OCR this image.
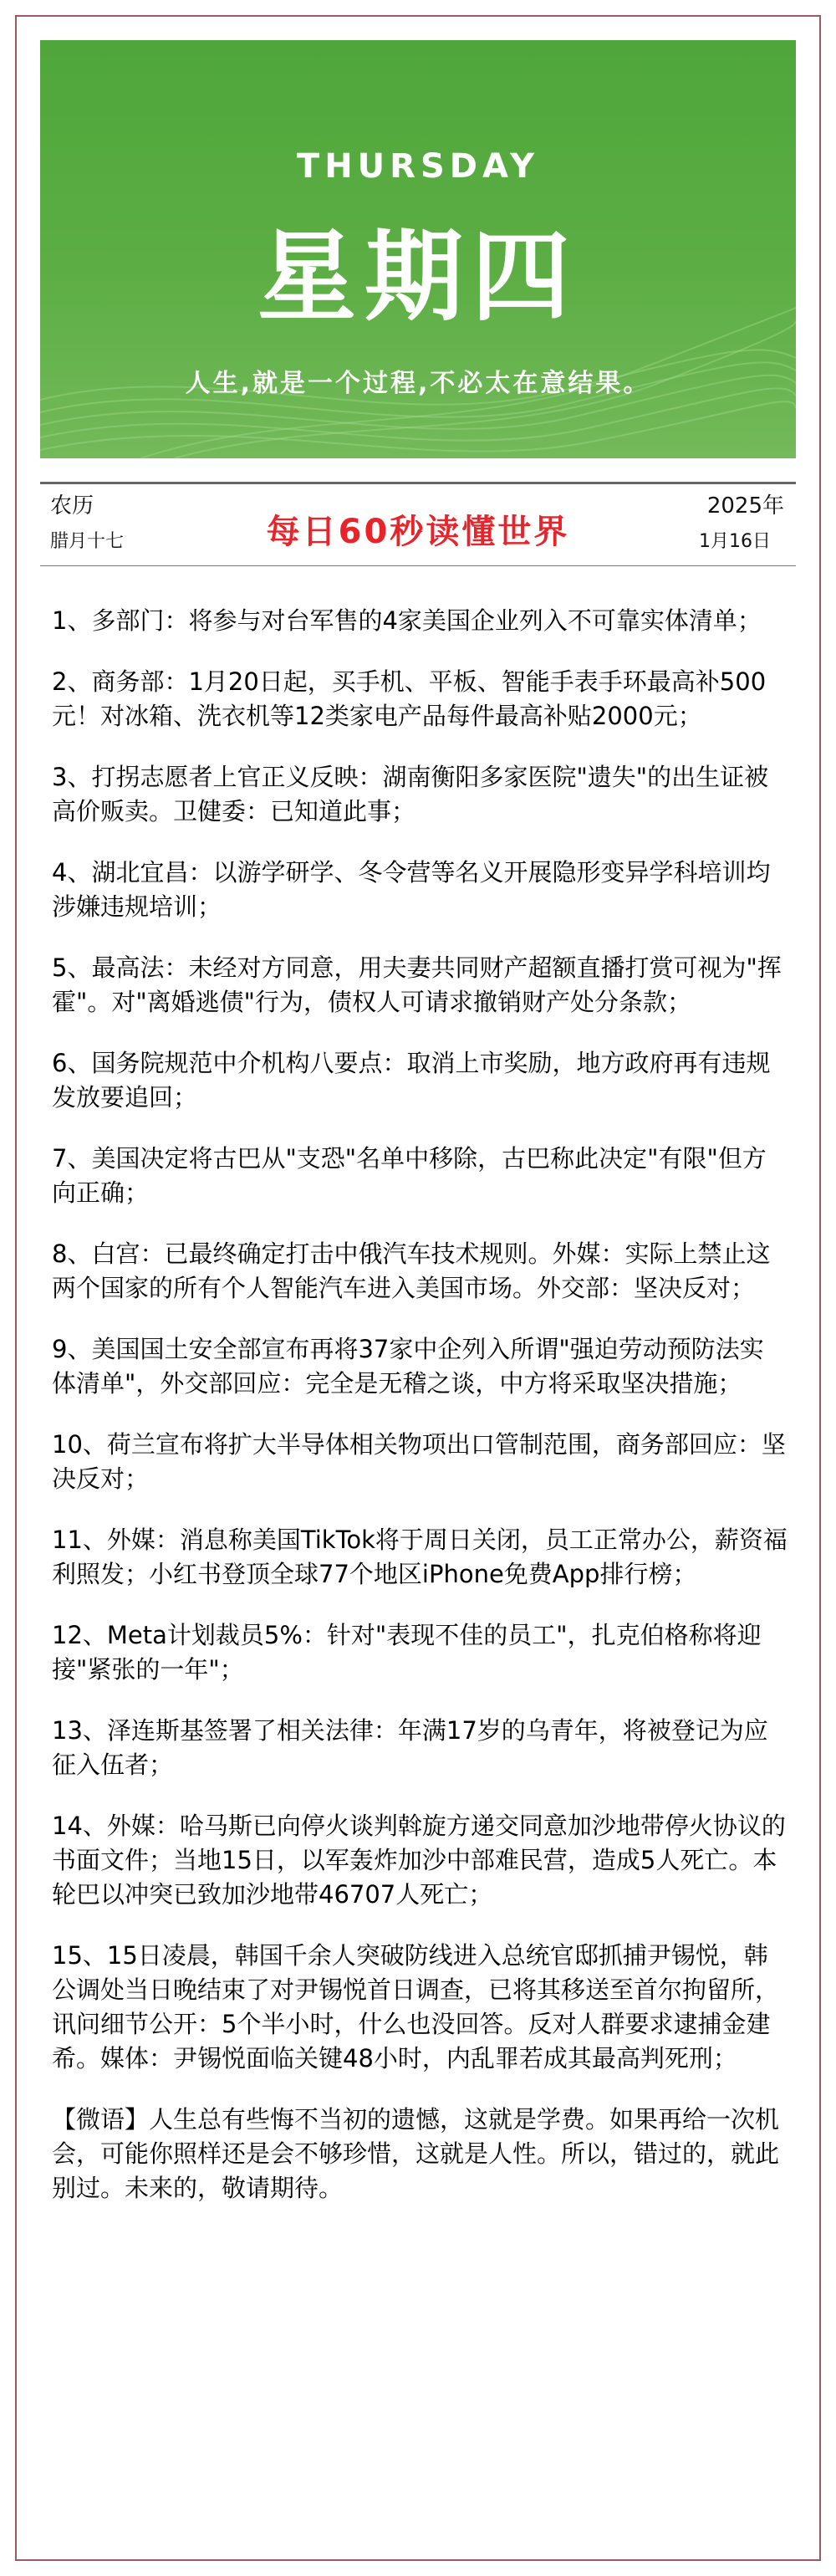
THURSDAY
星期四
人生,就是一个过程,不必太在意结果。
农历
腊月十七	每日60秒读懂世界
2025年
1月16日
1、多部门：将参与对台军售的4家美国企业列入不可靠实体清单；
2、商务部：1月20日起，买手机、平板、智能手表手环最高补500元！对冰箱、洗衣机等12类家电产品每件最高补贴2000元；
3、打拐志愿者上官正义反映：湖南衡阳多家医院"遗失"的出生证被高价贩卖。卫健委：已知道此事；
4、湖北宜昌：以游学研学、冬令营等名义开展隐形变异学科培训均涉嫌违规培训；
5、最高法：未经对方同意，用夫妻共同财产超额直播打赏可视为"挥霍"。对"离婚逃债"行为，债权人可请求撤销财产处分条款；
6、国务院规范中介机构八要点：取消上市奖励，地方政府再有违规发放要追回；
7、美国决定将古巴从"支恐"名单中移除，古巴称此决定"有限"但方向正确；
8、白宫：已最终确定打击中俄汽车技术规则。外媒：实际上禁止这两个国家的所有个人智能汽车进入美国市场。外交部：坚决反对；
9、美国国土安全部宣布再将37家中企列入所谓"强迫劳动预防法实体清单"，外交部回应：完全是无稽之谈，中方将采取坚决措施；
10、荷兰宣布将扩大半导体相关物项出口管制范围，商务部回应：坚决反对；
11、外媒：消息称美国TikTok将于周日关闭，员工正常办公，薪资福利照发；小红书登顶全球77个地区iPhone免费App排行榜；
12、Meta计划裁员5%：针对"表现不佳的员工"，扎克伯格称将迎接"紧张的一年"；
13、泽连斯基签署了相关法律：年满17岁的乌青年，将被登记为应征入伍者；
14、外媒：哈马斯已向停火谈判斡旋方递交同意加沙地带停火协议的书面文件；当地15日，以军轰炸加沙中部难民营，造成5人死亡。本轮巴以冲突已致加沙地带46707人死亡；
15、15日凌晨，韩国千余人突破防线进入总统官邸抓捕尹锡悦，韩公调处当日晚结束了对尹锡悦首日调查，已将其移送至首尔拘留所，讯问细节公开：5个半小时，什么也没回答。反对人群要求逮捕金建希。媒体：尹锡悦面临关键48小时，内乱罪若成其最高判死刑；
【微语】人生总有些悔不当初的遗憾，这就是学费。如果再给一次机会，可能你照样还是会不够珍惜，这就是人性。所以，错过的，就此别过。未来的，敬请期待。
